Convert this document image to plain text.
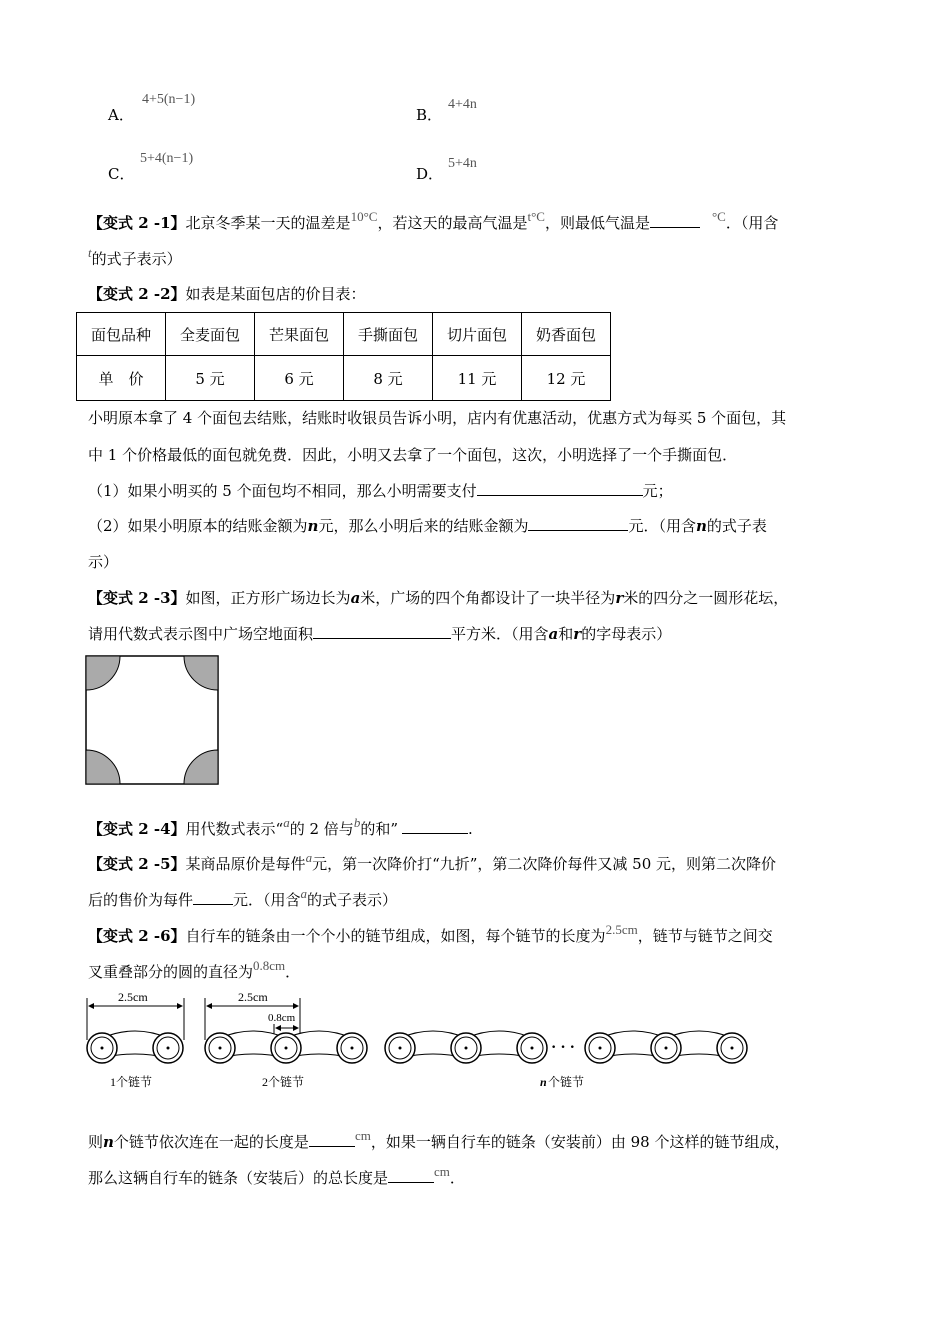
A．
4+5(n−1)
B．
4+4n
C．
5+4(n−1)
D．
5+4n
【变式 2 -1】北京冬季某一天的温差是10°C，若这天的最高气温是t°C，则最低气温是	°C．（用含
t的式子表示）
【变式 2 -2】如表是某面包店的价目表：
面包品种	全麦面包	芒果面包	手撕面包	切片面包	奶香面包
单　价	5 元	6 元	8 元	11 元	12 元
小明原本拿了 4 个面包去结账，结账时收银员告诉小明，店内有优惠活动，优惠方式为每买 5 个面包，其
中 1 个价格最低的面包就免费．因此，小明又去拿了一个面包，这次，小明选择了一个手撕面包．
（1）如果小明买的 5 个面包均不相同，那么小明需要支付	元；
（2）如果小明原本的结账金额为n元，那么小明后来的结账金额为	元．（用含n的式子表
示）
【变式 2 -3】如图，正方形广场边长为a米，广场的四个角都设计了一块半径为r米的四分之一圆形花坛，
请用代数式表示图中广场空地面积	平方米．（用含a和r的字母表示）
【变式 2 -4】用代数式表示“a的 2 倍与b的和”	.
【变式 2 -5】某商品原价是每件a元，第一次降价打“九折”，第二次降价每件又减 50 元，则第二次降价
后的售价为每件	元．（用含a的式子表示）
【变式 2 -6】自行车的链条由一个个小的链节组成，如图，每个链节的长度为2.5cm，链节与链节之间交
叉重叠部分的圆的直径为0.8cm．
2.5cm
1个链节
2.5cm
0.8cm
2个链节
· · ·
n 个链节
则n个链节依次连在一起的长度是	cm，如果一辆自行车的链条（安装前）由 98 个这样的链节组成，
那么这辆自行车的链条（安装后）的总长度是	cm．
